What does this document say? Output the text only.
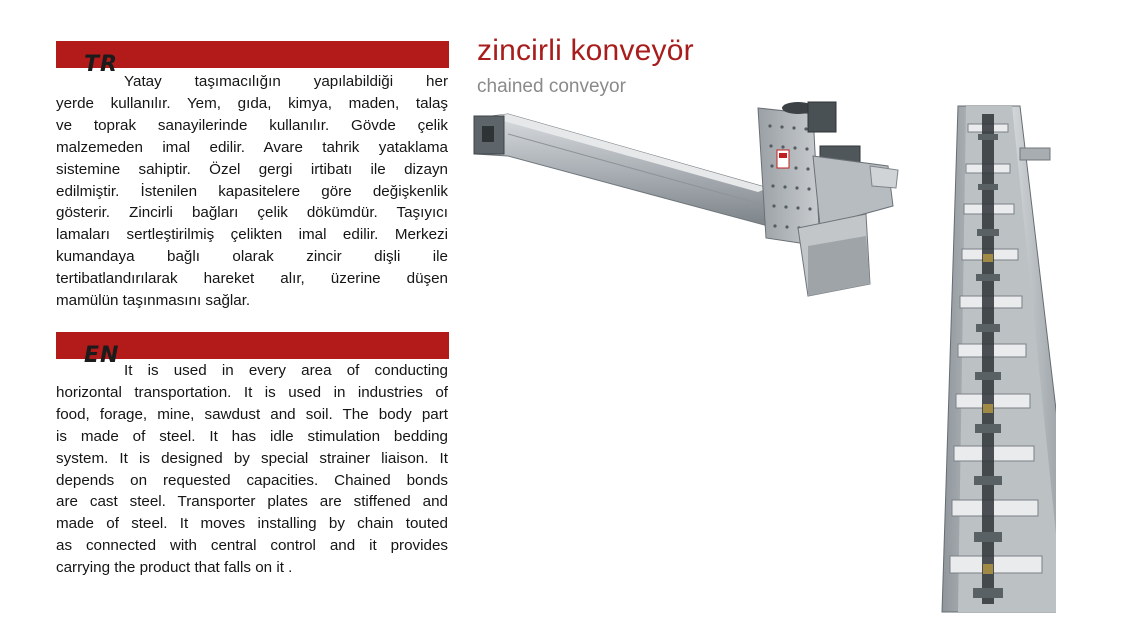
TR
Yatay taşımacılığın yapılabildiği her
yerde kullanılır. Yem, gıda, kimya, maden, talaş
ve toprak sanayilerinde kullanılır. Gövde çelik
malzemeden imal edilir. Avare tahrik yataklama
sistemine sahiptir. Özel gergi irtibatı ile dizayn
edilmiştir. İstenilen kapasitelere göre değişkenlik
gösterir. Zincirli bağları çelik dökümdür. Taşıyıcı
lamaları sertleştirilmiş çelikten imal edilir. Merkezi
kumandaya bağlı olarak zincir dişli ile
tertibatlandırılarak hareket alır, üzerine düşen
mamülün taşınmasını sağlar.
EN
It is used in every area of conducting
horizontal transportation. It is used in industries of
food, forage, mine, sawdust and soil. The body part
is made of steel. It has idle stimulation bedding
system. It is designed by special strainer liaison. It
depends on requested capacities. Chained bonds
are cast steel. Transporter plates are stiffened and
made of steel. It moves installing by chain touted
as connected with central control and it provides
carrying the product that falls on it .
zincirli konveyör
chained conveyor
